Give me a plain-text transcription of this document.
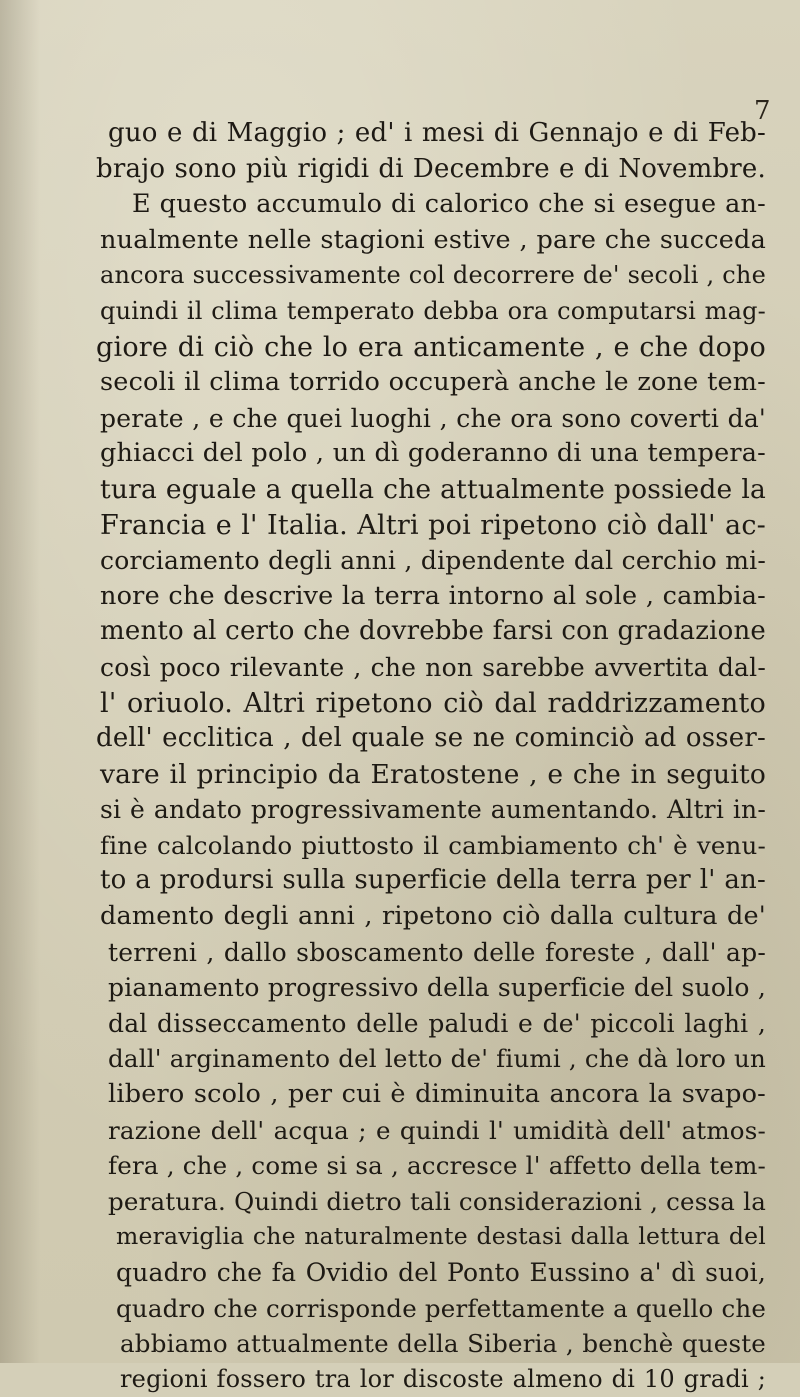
7
guo e di Maggio ; ed' i mesi di Gennajo e di Feb-
brajo sono più rigidi di Decembre e di Novembre.
E questo accumulo di calorico che si esegue an-
nualmente nelle stagioni estive , pare che succeda
ancora successivamente col decorrere de' secoli , che
quindi il clima temperato debba ora computarsi mag-
giore di ciò che lo era anticamente , e che dopo
secoli il clima torrido occuperà anche le zone tem-
perate , e che quei luoghi , che ora sono coverti da'
ghiacci del polo , un dì goderanno di una tempera-
tura eguale a quella che attualmente possiede la
Francia e l' Italia. Altri poi ripetono ciò dall' ac-
corciamento degli anni , dipendente dal cerchio mi-
nore che descrive la terra intorno al sole , cambia-
mento al certo che dovrebbe farsi con gradazione
così poco rilevante , che non sarebbe avvertita dal-
l' oriuolo. Altri ripetono ciò dal raddrizzamento
dell' ecclitica , del quale se ne cominciò ad osser-
vare il principio da Eratostene , e che in seguito
si è andato progressivamente aumentando. Altri in-
fine calcolando piuttosto il cambiamento ch' è venu-
to a prodursi sulla superficie della terra per l' an-
damento degli anni , ripetono ciò dalla cultura de'
terreni , dallo sboscamento delle foreste , dall' ap-
pianamento progressivo della superficie del suolo ,
dal disseccamento delle paludi e de' piccoli laghi ,
dall' arginamento del letto de' fiumi , che dà loro un
libero scolo , per cui è diminuita ancora la svapo-
razione dell' acqua ; e quindi l' umidità dell' atmos-
fera , che , come si sa , accresce l' affetto della tem-
peratura. Quindi dietro tali considerazioni , cessa la
meraviglia che naturalmente destasi dalla lettura del
quadro che fa Ovidio del Ponto Eussino a' dì suoi,
quadro che corrisponde perfettamente a quello che
abbiamo attualmente della Siberia , benchè queste
regioni fossero tra lor discoste almeno di 10 gradi ;
